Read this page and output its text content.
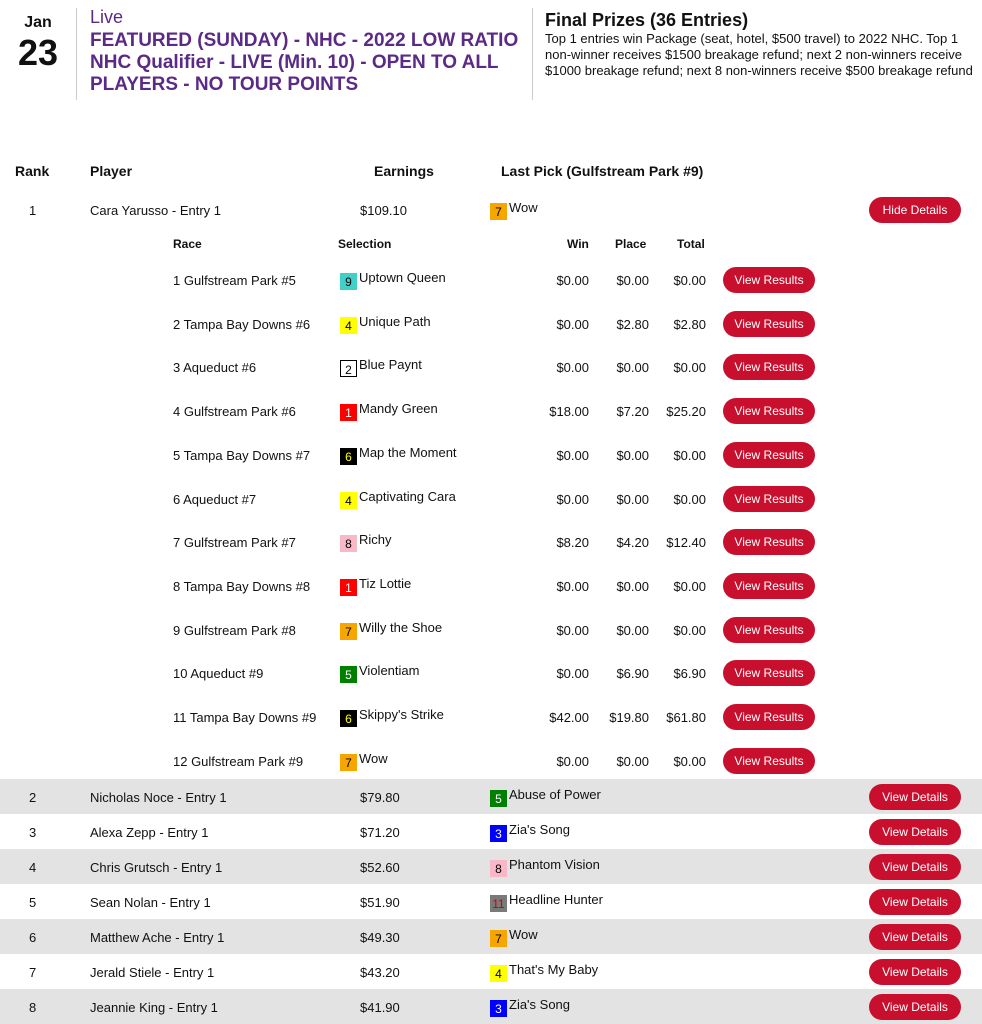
Jan
23
Live
FEATURED (SUNDAY) - NHC - 2022 LOW RATIO NHC Qualifier - LIVE (Min. 10) - OPEN TO ALL PLAYERS - NO TOUR POINTS
Final Prizes (36 Entries)
Top 1 entries win Package (seat, hotel, $500 travel) to 2022 NHC. Top 1 non-winner receives $1500 breakage refund; next 2 non-winners receive $1000 breakage refund; next 8 non-winners receive $500 breakage refund
Rank	Player	Earnings	Last Pick (Gulfstream Park #9)
1	Cara Yarusso - Entry 1	$109.10	7 Wow	Hide Details
2	Nicholas Noce - Entry 1	$79.80	5 Abuse of Power	View Details
3	Alexa Zepp - Entry 1	$71.20	3 Zia's Song	View Details
4	Chris Grutsch - Entry 1	$52.60	8 Phantom Vision	View Details
5	Sean Nolan - Entry 1	$51.90	11 Headline Hunter	View Details
6	Matthew Ache - Entry 1	$49.30	7 Wow	View Details
7	Jerald Stiele - Entry 1	$43.20	4 That's My Baby	View Details
8	Jeannie King - Entry 1	$41.90	3 Zia's Song	View Details
Race	Selection	Win Place	Total
1 Gulfstream Park #5	9 Uptown Queen	$0.00 $0.00 $0.00	View Results
2 Tampa Bay Downs #6	4 Unique Path	$0.00 $2.80 $2.80	View Results
3 Aqueduct #6	2 Blue Paynt	$0.00 $0.00 $0.00	View Results
4 Gulfstream Park #6	1 Mandy Green	$18.00 $7.20 $25.20	View Results
5 Tampa Bay Downs #7	6 Map the Moment	$0.00 $0.00 $0.00	View Results
6 Aqueduct #7	4 Captivating Cara	$0.00 $0.00 $0.00	View Results
7 Gulfstream Park #7	8 Richy	$8.20 $4.20 $12.40	View Results
8 Tampa Bay Downs #8	1 Tiz Lottie	$0.00 $0.00 $0.00	View Results
9 Gulfstream Park #8	7 Willy the Shoe	$0.00 $0.00 $0.00	View Results
10 Aqueduct #9	5 Violentiam	$0.00 $6.90 $6.90	View Results
11 Tampa Bay Downs #9	6 Skippy's Strike	$42.00 $19.80 $61.80	View Results
12 Gulfstream Park #9	7 Wow	$0.00 $0.00 $0.00	View Results
